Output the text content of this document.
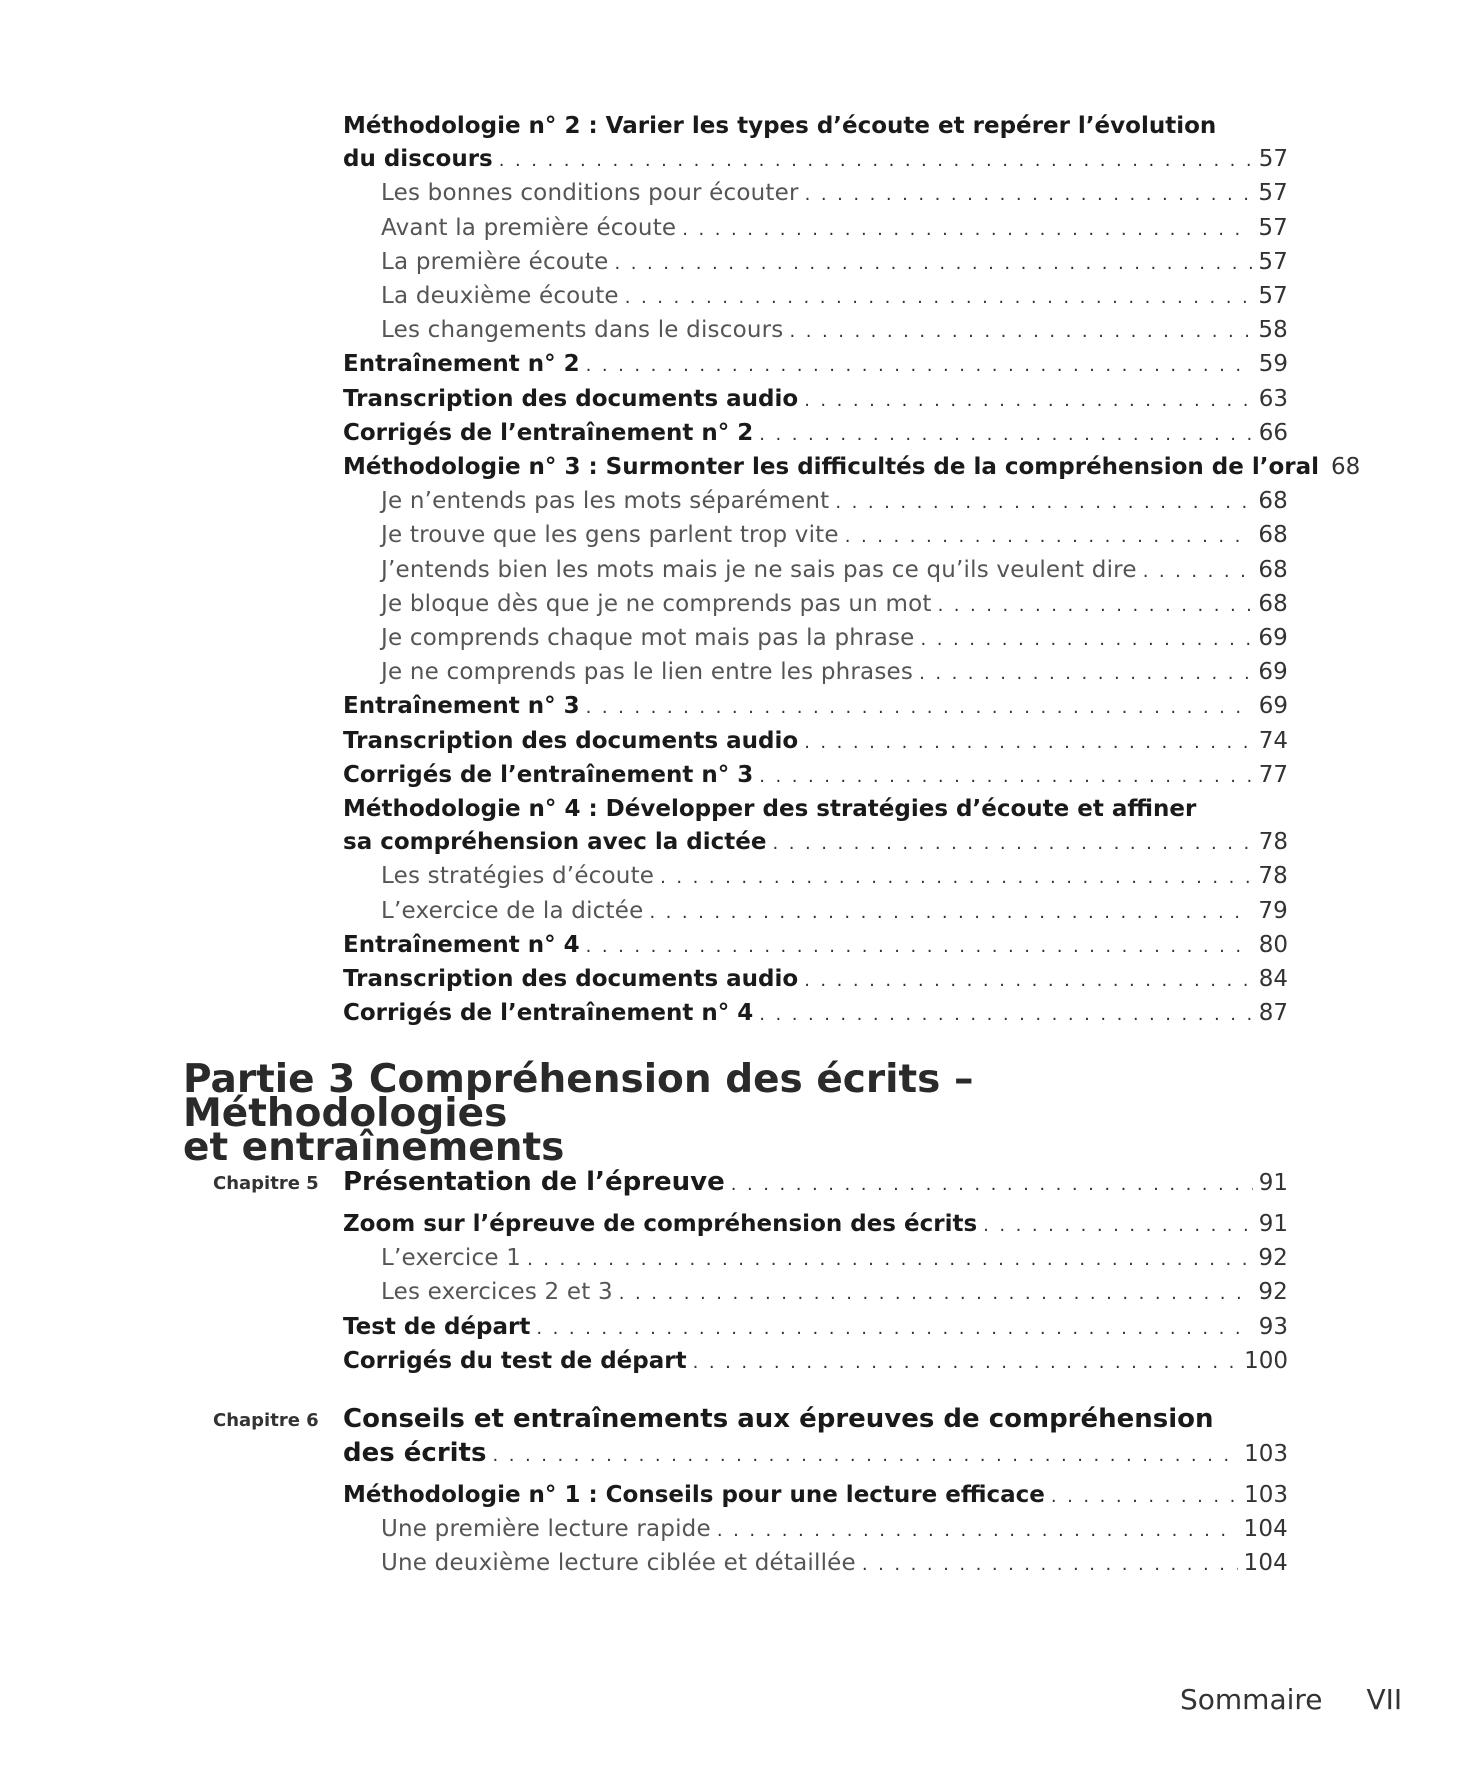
Méthodologie n° 2 : Varier les types d’écoute et repérer l’évolution
du discours . . .	57
Les bonnes conditions pour écouter . . .	57
Avant la première écoute . . .	57
La première écoute . . .	57
La deuxième écoute . . .	57
Les changements dans le discours . . .	58
Entraînement n° 2 . . .	59
Transcription des documents audio . . .	63
Corrigés de l’entraînement n° 2 . . .	66
Méthodologie n° 3 : Surmonter les difficultés de la compréhension de l’oral 68
Je n’entends pas les mots séparément . . .	68
Je trouve que les gens parlent trop vite . . .	68
J’entends bien les mots mais je ne sais pas ce qu’ils veulent dire . . .	68
Je bloque dès que je ne comprends pas un mot . . .	68
Je comprends chaque mot mais pas la phrase . . .	69
Je ne comprends pas le lien entre les phrases . . .	69
Entraînement n° 3 . . .	69
Transcription des documents audio . . .	74
Corrigés de l’entraînement n° 3 . . .	77
Méthodologie n° 4 : Développer des stratégies d’écoute et affiner
sa compréhension avec la dictée . . .	78
Les stratégies d’écoute . . .	78
L’exercice de la dictée . . .	79
Entraînement n° 4 . . .	80
Transcription des documents audio . . .	84
Corrigés de l’entraînement n° 4 . . .	87
Partie 3 Compréhension des écrits – Méthodologies
et entraînements
Chapitre 5 Présentation de l’épreuve . . .	91
Zoom sur l’épreuve de compréhension des écrits . . .	91
L’exercice 1 . . .	92
Les exercices 2 et 3 . . .	92
Test de départ . . .	93
Corrigés du test de départ . . .	100
Chapitre 6 Conseils et entraînements aux épreuves de compréhension
des écrits . . .	103
Méthodologie n° 1 : Conseils pour une lecture efficace . . .	103
Une première lecture rapide . . .	104
Une deuxième lecture ciblée et détaillée . . .	104
Sommaire VII
